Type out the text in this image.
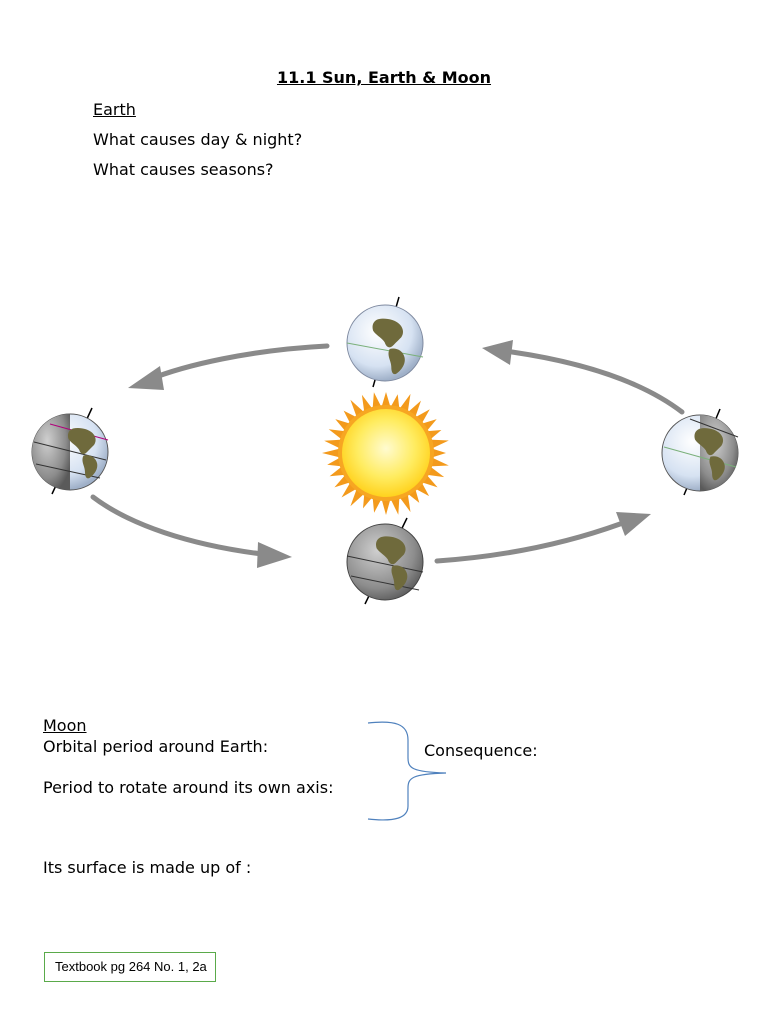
11.1 Sun, Earth & Moon
Earth
What causes day & night?
What causes seasons?
Moon
Orbital period around Earth:
Period to rotate around its own axis:
Consequence:
Its surface is made up of :
Textbook pg 264 No. 1, 2a
